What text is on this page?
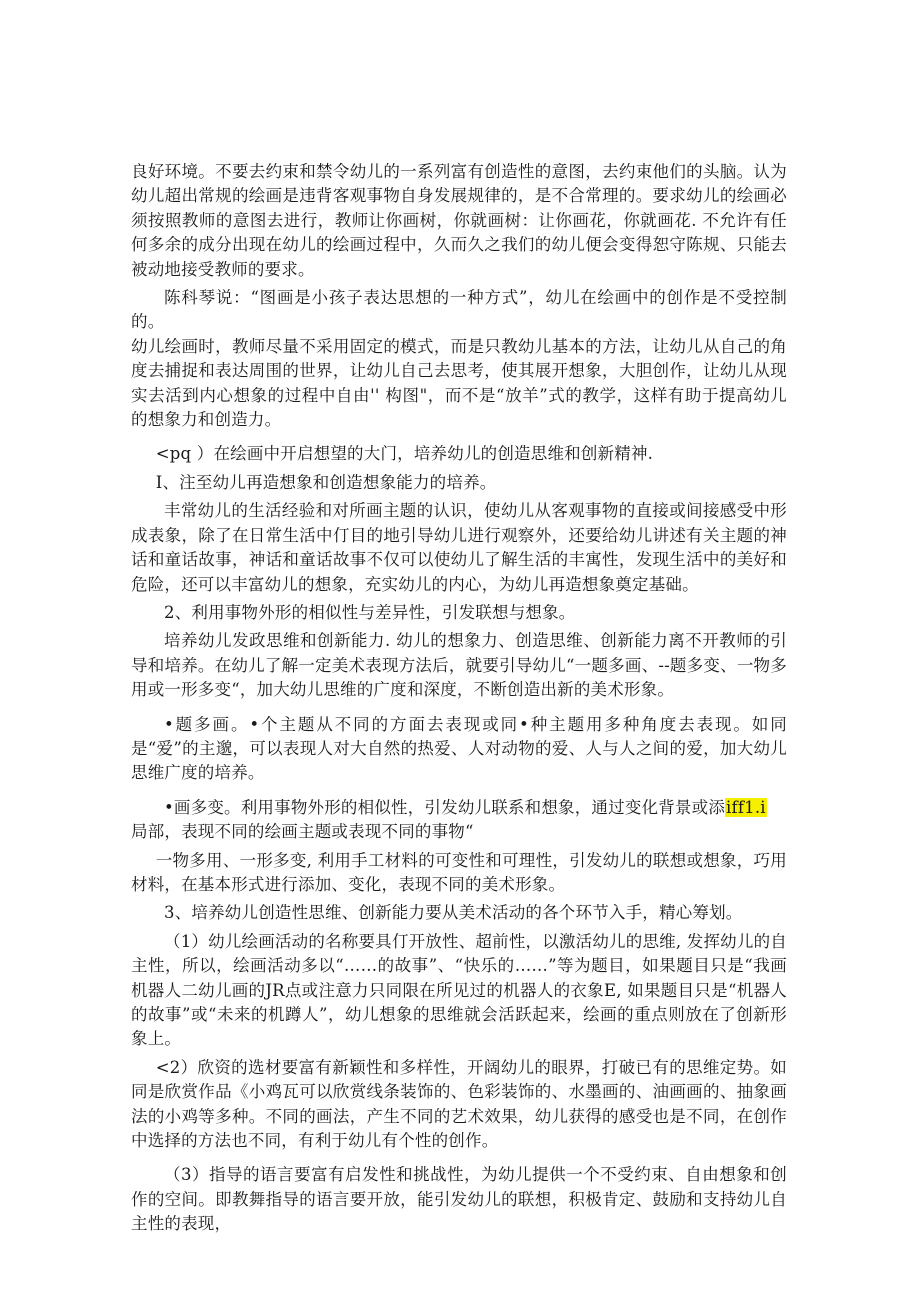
良好环境。不要去约束和禁令幼儿的一系列富有创造性的意图，去约束他们的头脑。认为幼儿超出常规的绘画是违背客观事物自身发展规律的，是不合常理的。要求幼儿的绘画必须按照教师的意图去进行，教师让你画树，你就画树：让你画花，你就画花. 不允许有任何多余的成分出现在幼儿的绘画过程中，久而久之我们的幼儿便会变得恕守陈规、只能去被动地接受教师的要求。

陈科琴说：“图画是小孩子表达思想的一种方式”，幼儿在绘画中的创作是不受控制的。

幼儿绘画时，教师尽量不采用固定的模式，而是只教幼儿基本的方法，让幼儿从自己的角度去捕捉和表达周围的世界，让幼儿自己去思考，使其展开想象，大胆创作，让幼儿从现实去活到内心想象的过程中自由'' 构图"，而不是“放羊”式的教学，这样有助于提高幼儿的想象力和创造力。

<pq ）在绘画中开启想望的大门，培养幼儿的创造思维和创新精神.

I、注至幼儿再造想象和创造想象能力的培养。

丰常幼儿的生活经验和对所画主题的认识，使幼儿从客观事物的直接或间接感受中形成表象，除了在日常生活中仃目的地引导幼儿进行观察外，还要给幼儿讲述有关主题的神话和童话故事，神话和童话故事不仅可以使幼儿了解生活的丰寓性，发现生活中的美好和危险，还可以丰富幼儿的想象，充实幼儿的内心，为幼儿再造想象奠定基础。

2、利用事物外形的相似性与差异性，引发联想与想象。

培养幼儿发政思维和创新能力. 幼儿的想象力、创造思维、创新能力离不开教师的引导和培养。在幼儿了解一定美术表现方法后，就要引导幼儿“一题多画、--题多变、一物多用或一形多变“，加大幼儿思维的广度和深度，不断创造出新的美术形象。

•题多画。•个主题从不同的方面去表现或同•种主题用多种角度去表现。如同是“爱”的主邈，可以表现人对大自然的热爱、人对动物的爱、人与人之间的爱，加大幼儿思维广度的培养。

•画多变。利用事物外形的相似性，引发幼儿联系和想象，通过变化背景或添iff1.i
局部，表现不同的绘画主题或表现不同的事物“

一物多用、一形多变, 利用手工材料的可变性和可理性，引发幼儿的联想或想象，巧用材料，在基本形式进行添加、变化，表现不同的美术形象。

3、培养幼儿创造性思维、创新能力要从美术活动的各个环节入手，精心筹划。

（1）幼儿绘画活动的名称要具仃开放性、超前性，以激活幼儿的思维, 发挥幼儿的自主性，所以，绘画活动多以“……的故事”、“快乐的……”等为题目，如果题目只是“我画机器人二幼儿画的JR点或注意力只同限在所见过的机器人的衣象E, 如果题目只是“机器人的故事”或“未来的机蹲人”，幼儿想象的思维就会活跃起来，绘画的重点则放在了创新形象上。

<2）欣资的选材要富有新颖性和多样性，开阔幼儿的眼界，打破已有的思维定势。如同是欣赏作品《小鸡瓦可以欣赏线条装饰的、色彩装饰的、水墨画的、油画画的、抽象画法的小鸡等多种。不同的画法，产生不同的艺术效果，幼儿获得的感受也是不同，在创作中选择的方法也不同，有利于幼儿有个性的创作。

（3）指导的语言要富有启发性和挑战性，为幼儿提供一个不受约束、自由想象和创作的空间。即教舞指导的语言要开放，能引发幼儿的联想，积极肯定、鼓励和支持幼儿自主性的表现，
